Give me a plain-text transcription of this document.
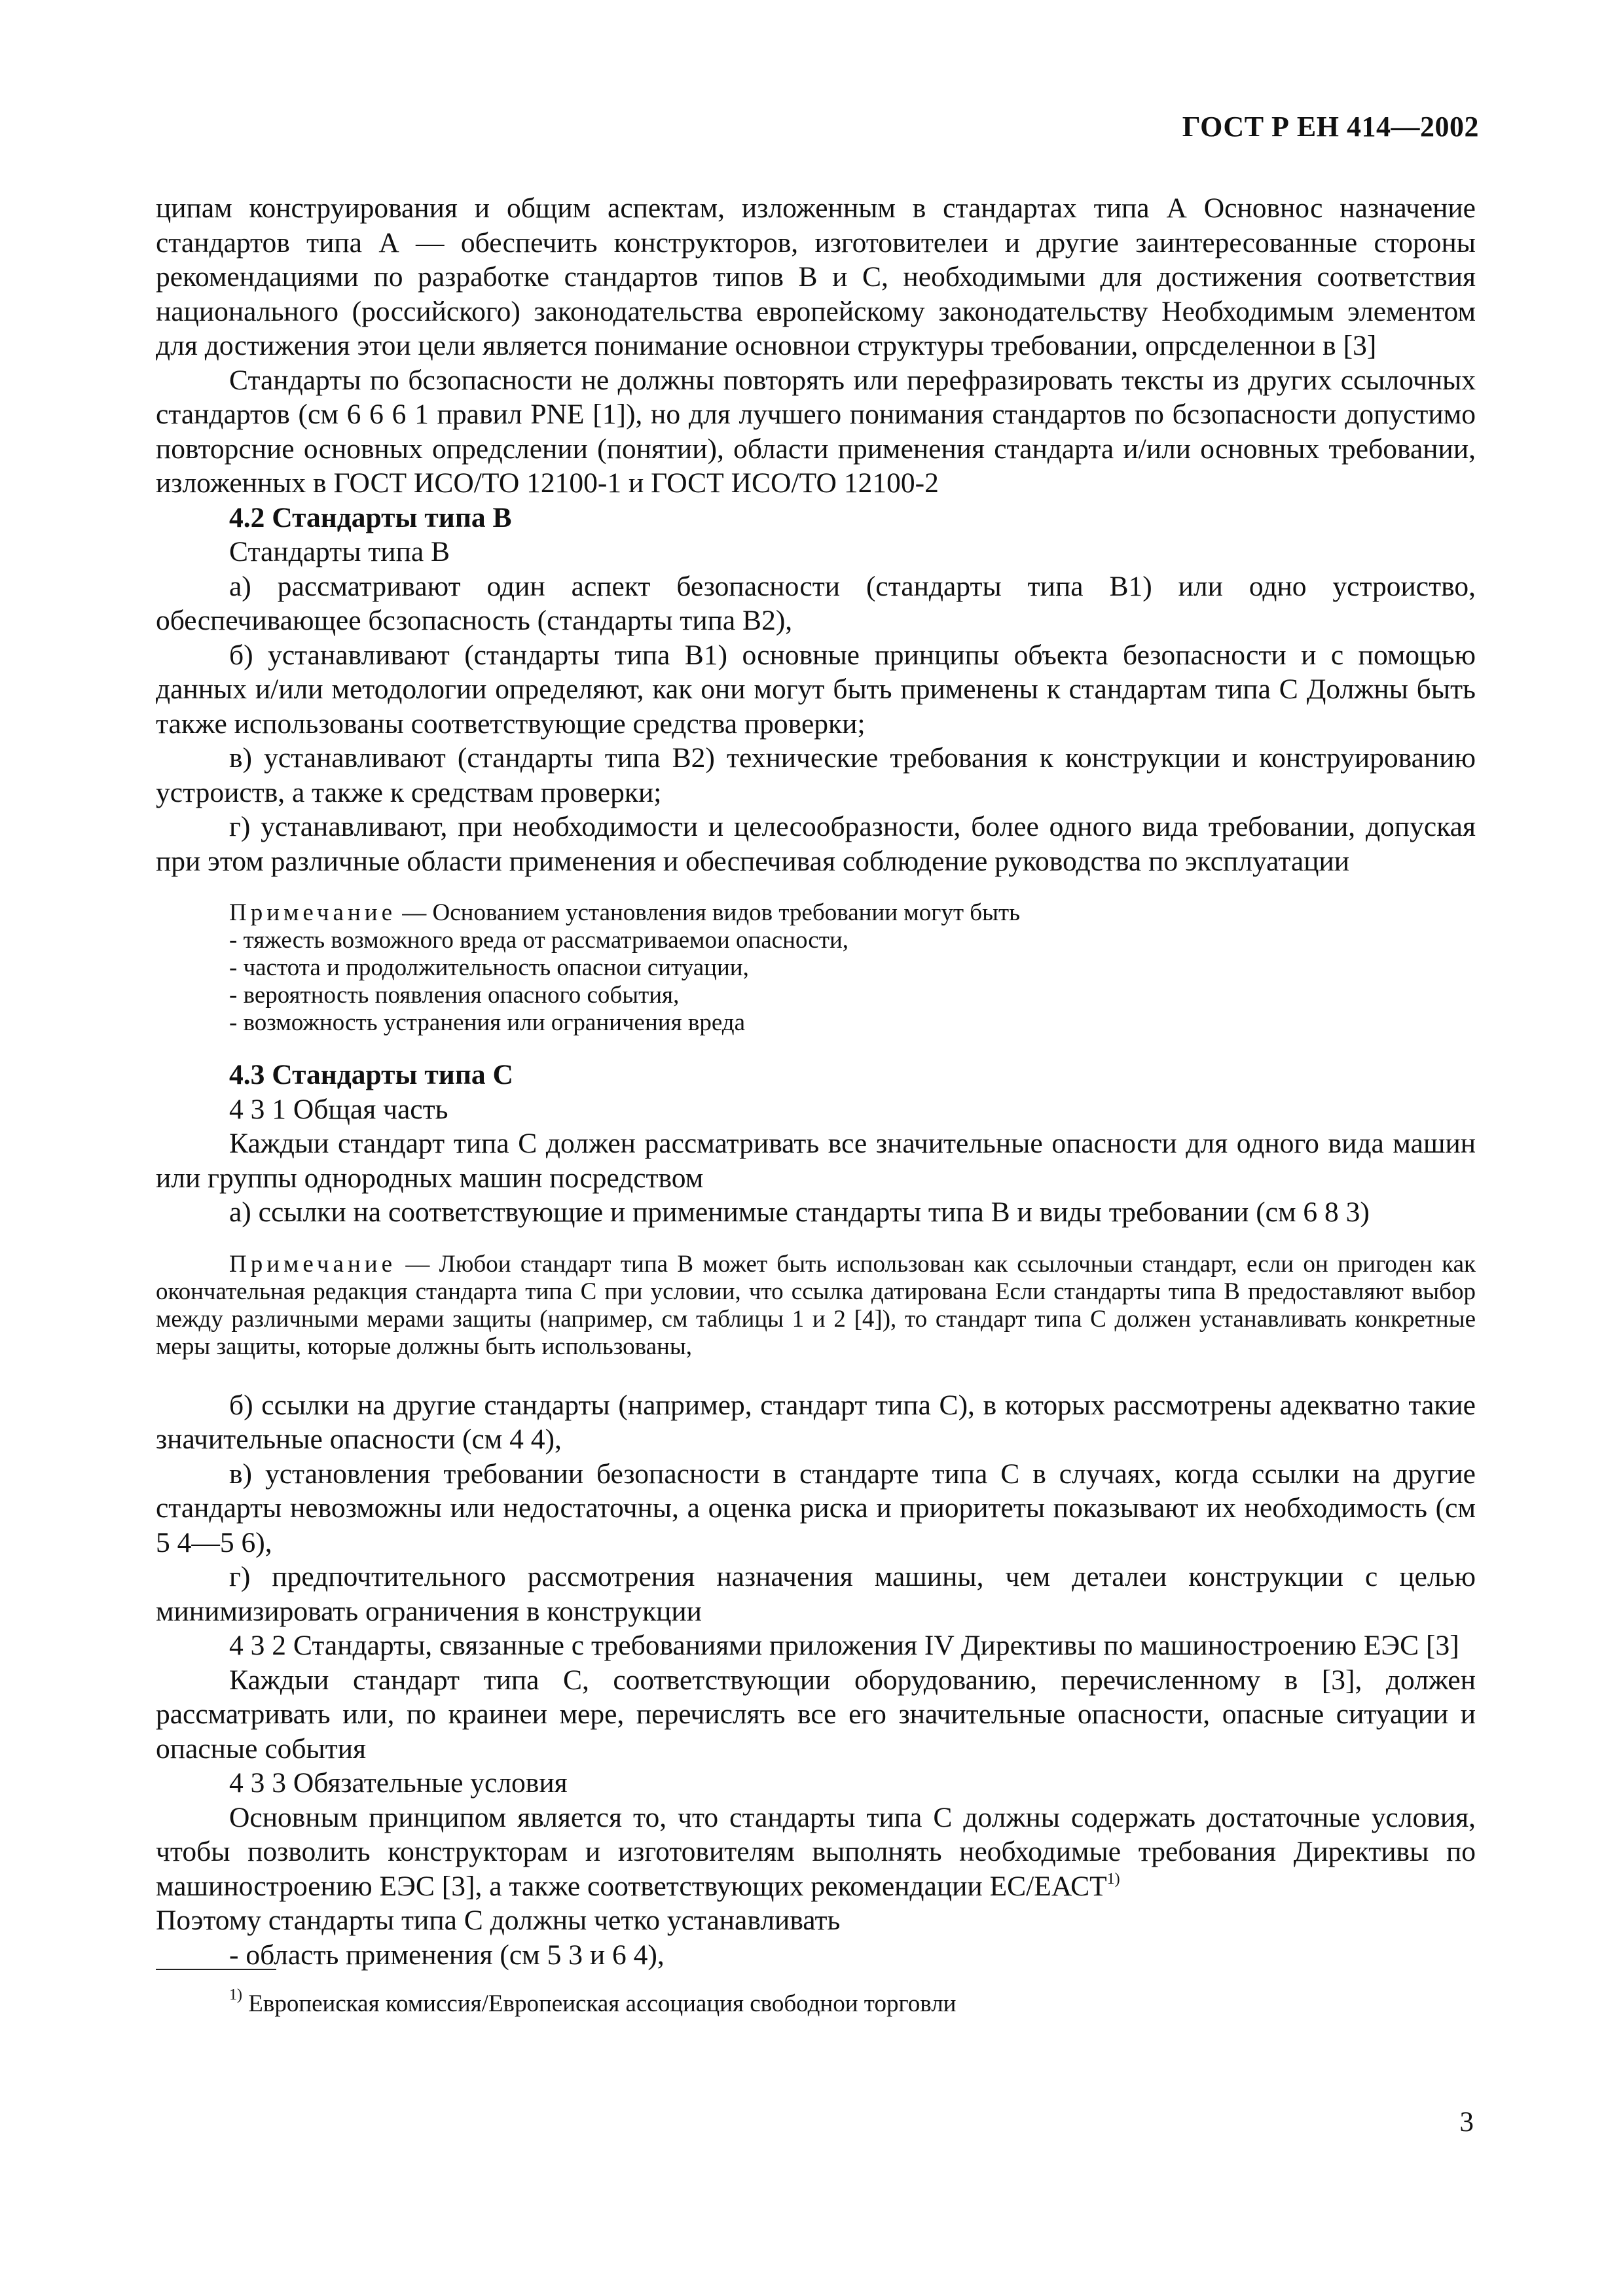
ГОСТ Р ЕН 414—2002

ципам конструирования и общим аспектам, изложенным в стандартах типа А Основнос назначение стандартов типа А — обеспечить конструкторов, изготовителеи и другие заинтересованные стороны рекомендациями по разработке стандартов типов В и С, необходимыми для достижения соответствия национального (российского) законодательства европейскому законодательству Необходимым элементом для достижения этои цели является понимание основнои структуры требовании, опрсделеннои в [3]

Стандарты по бсзопасности не должны повторять или перефразировать тексты из других ссылочных стандартов (см 6 6 6 1 правил PNE [1]), но для лучшего понимания стандартов по бсзопасности допустимо повторсние основных опредслении (понятии), области применения стандарта и/или основных требовании, изложенных в ГОСТ ИСО/ТО 12100-1 и ГОСТ ИСО/ТО 12100-2

4.2 Стандарты типа В

Стандарты типа В

а) рассматривают один аспект безопасности (стандарты типа В1) или одно устроиство, обеспечивающее бсзопасность (стандарты типа В2),

б) устанавливают (стандарты типа В1) основные принципы объекта безопасности и с помощью данных и/или методологии определяют, как они могут быть применены к стандартам типа С Должны быть также использованы соответствующие средства проверки;

в) устанавливают (стандарты типа В2) технические требования к конструкции и конструированию устроиств, а также к средствам проверки;

г) устанавливают, при необходимости и целесообразности, более одного вида требовании, допуская при этом различные области применения и обеспечивая соблюдение руководства по эксплуатации

Примечание — Основанием установления видов требовании могут быть

- тяжесть возможного вреда от рассматриваемои опасности,

- частота и продолжительность опаснои ситуации,

- вероятность появления опасного события,

- возможность устранения или ограничения вреда

4.3 Стандарты типа С

4 3 1 Общая часть

Каждыи стандарт типа С должен рассматривать все значительные опасности для одного вида машин или группы однородных машин посредством

а) ссылки на соответствующие и применимые стандарты типа В и виды требовании (см 6 8 3)

Примечание — Любои стандарт типа В может быть использован как ссылочныи стандарт, если он пригоден как окончательная редакция стандарта типа С при условии, что ссылка датирована Если стандарты типа В предоставляют выбор между различными мерами защиты (например, см таблицы 1 и 2 [4]), то стандарт типа С должен устанавливать конкретные меры защиты, которые должны быть использованы,

б) ссылки на другие стандарты (например, стандарт типа С), в которых рассмотрены адекватно такие значительные опасности (см 4 4),

в) установления требовании безопасности в стандарте типа С в случаях, когда ссылки на другие стандарты невозможны или недостаточны, а оценка риска и приоритеты показывают их необходимость (см 5 4—5 6),

г) предпочтительного рассмотрения назначения машины, чем деталеи конструкции с целью минимизировать ограничения в конструкции

4 3 2 Стандарты, связанные с требованиями приложения IV Директивы по машиностроению ЕЭС [3]

Каждыи стандарт типа С, соответствующии оборудованию, перечисленному в [3], должен рассматривать или, по краинеи мере, перечислять все его значительные опасности, опасные ситуации и опасные события

4 3 3 Обязательные условия

Основным принципом является то, что стандарты типа С должны содержать достаточные условия, чтобы позволить конструкторам и изготовителям выполнять необходимые требования Директивы по машиностроению ЕЭС [3], а также соответствующих рекомендации ЕС/ЕАСТ$^{1)}$

Поэтому стандарты типа С должны четко устанавливать

- область применения (см 5 3 и 6 4),

$^{1)}$ Европеиская комиссия/Европеиская ассоциация свободнои торговли
3
